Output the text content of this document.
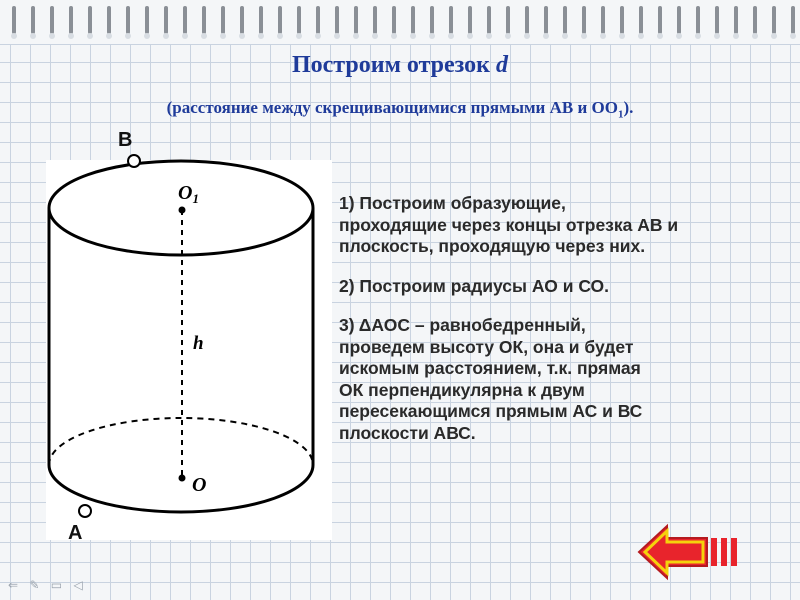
Построим отрезок d

(расстояние между скрещивающимися прямыми АВ и $ОО_1$).

$O_1$
h
O
B
A

1) Построим образующие,
проходящие через концы отрезка АВ и
плоскость, проходящую через них.

2) Построим радиусы АО и СО.

3) ΔАОС – равнобедренный,
проведем высоту ОК, она и будет
искомым расстоянием, т.к. прямая
ОК перпендикулярна к двум
пересекающимся прямым АС и ВС
плоскости АВС.

⇐ ✎ ▭ ◁
